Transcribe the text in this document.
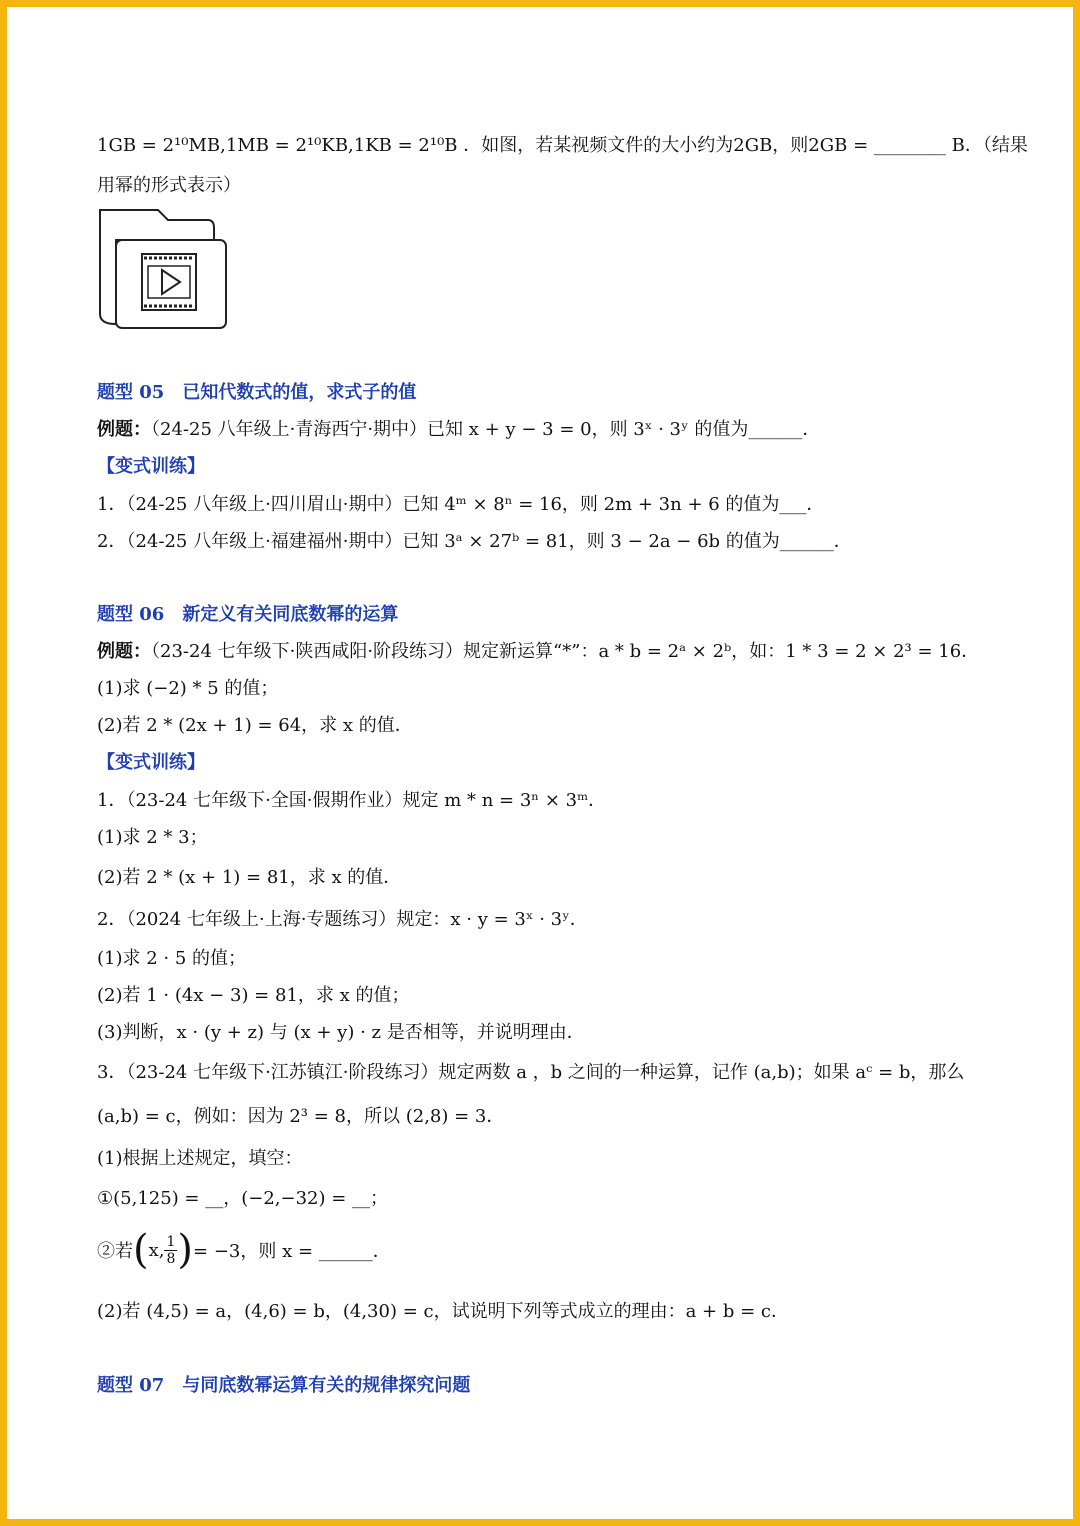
1GB = 2¹⁰MB,1MB = 2¹⁰KB,1KB = 2¹⁰B ．如图，若某视频文件的大小约为2GB，则2GB = ________ B．（结果
用幂的形式表示）
题型 05　已知代数式的值，求式子的值
例题：（24-25 八年级上·青海西宁·期中）已知 x + y − 3 = 0，则 3ˣ · 3ʸ 的值为______．
【变式训练】
1．（24-25 八年级上·四川眉山·期中）已知 4ᵐ × 8ⁿ = 16，则 2m + 3n + 6 的值为___．
2．（24-25 八年级上·福建福州·期中）已知 3ᵃ × 27ᵇ = 81，则 3 − 2a − 6b 的值为______．
题型 06　新定义有关同底数幂的运算
例题：（23-24 七年级下·陕西咸阳·阶段练习）规定新运算“*”：a * b = 2ᵃ × 2ᵇ，如：1 * 3 = 2 × 2³ = 16．
(1)求 (−2) * 5 的值；
(2)若 2 * (2x + 1) = 64，求 x 的值．
【变式训练】
1．（23-24 七年级下·全国·假期作业）规定 m * n = 3ⁿ × 3ᵐ．
(1)求 2 * 3；
(2)若 2 * (x + 1) = 81，求 x 的值．
2．（2024 七年级上·上海·专题练习）规定：x · y = 3ˣ · 3ʸ．
(1)求 2 · 5 的值；
(2)若 1 · (4x − 3) = 81，求 x 的值；
(3)判断，x · (y + z) 与 (x + y) · z 是否相等，并说明理由．
3．（23-24 七年级下·江苏镇江·阶段练习）规定两数 a ，b 之间的一种运算，记作 (a,b)；如果 aᶜ = b，那么
(a,b) = c，例如：因为 2³ = 8，所以 (2,8) = 3．
(1)根据上述规定，填空：
①(5,125) = __，(−2,−32) = __；
②若 ( x, $\frac{1}{8}$ ) = −3，则 x = ______．
(2)若 (4,5) = a，(4,6) = b，(4,30) = c，试说明下列等式成立的理由：a + b = c．
题型 07　与同底数幂运算有关的规律探究问题
